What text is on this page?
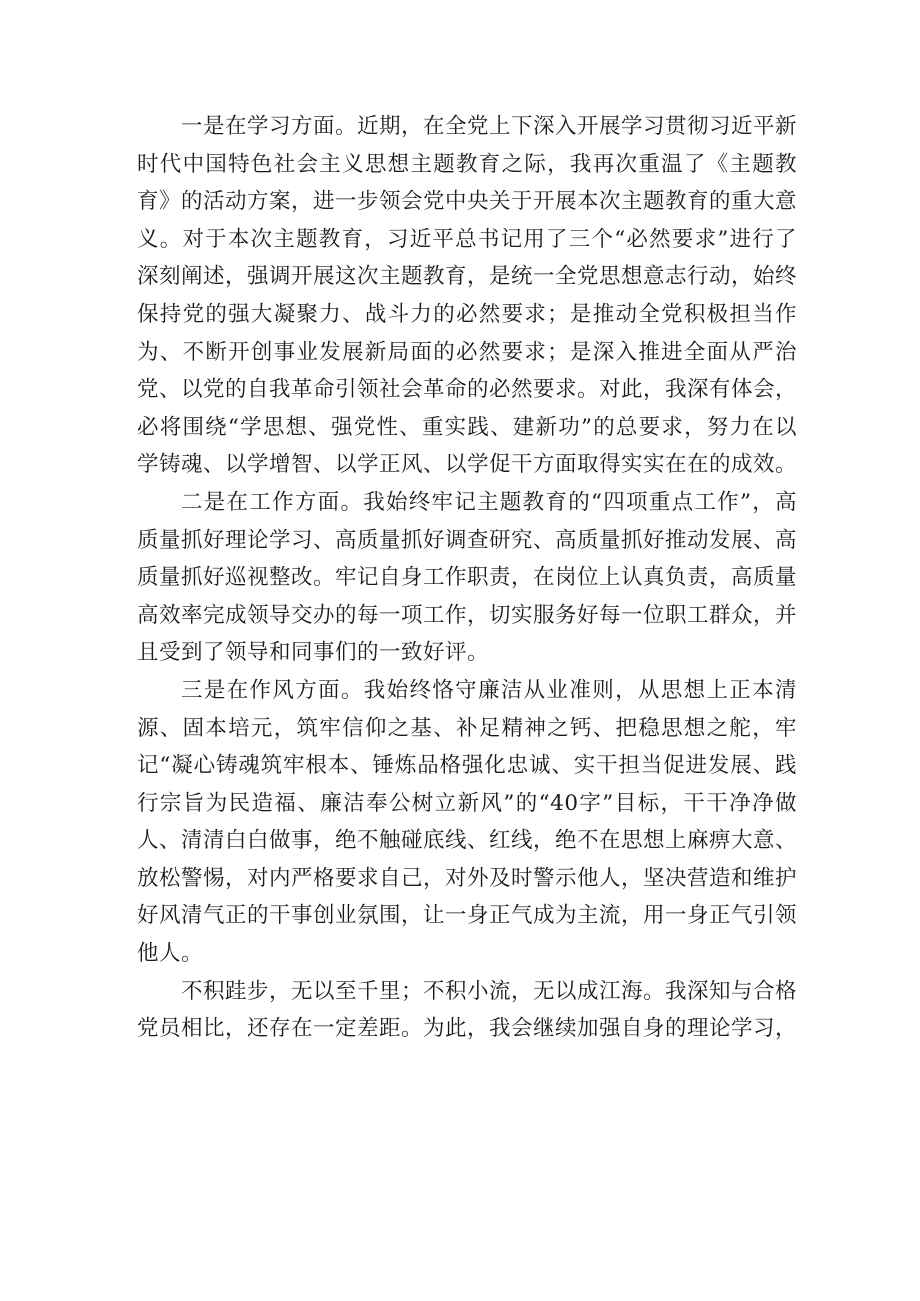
一是在学习方面。近期，在全党上下深入开展学习贯彻习近平新时代中国特色社会主义思想主题教育之际，我再次重温了《主题教育》的活动方案，进一步领会党中央关于开展本次主题教育的重大意义。对于本次主题教育，习近平总书记用了三个“必然要求”进行了深刻阐述，强调开展这次主题教育，是统一全党思想意志行动，始终保持党的强大凝聚力、战斗力的必然要求；是推动全党积极担当作为、不断开创事业发展新局面的必然要求；是深入推进全面从严治党、以党的自我革命引领社会革命的必然要求。对此，我深有体会，必将围绕“学思想、强党性、重实践、建新功”的总要求，努力在以学铸魂、以学增智、以学正风、以学促干方面取得实实在在的成效。

二是在工作方面。我始终牢记主题教育的“四项重点工作”，高质量抓好理论学习、高质量抓好调查研究、高质量抓好推动发展、高质量抓好巡视整改。牢记自身工作职责，在岗位上认真负责，高质量高效率完成领导交办的每一项工作，切实服务好每一位职工群众，并且受到了领导和同事们的一致好评。

三是在作风方面。我始终恪守廉洁从业准则，从思想上正本清源、固本培元，筑牢信仰之基、补足精神之钙、把稳思想之舵，牢记“凝心铸魂筑牢根本、锤炼品格强化忠诚、实干担当促进发展、践行宗旨为民造福、廉洁奉公树立新风”的“40字”目标，干干净净做人、清清白白做事，绝不触碰底线、红线，绝不在思想上麻痹大意、放松警惕，对内严格要求自己，对外及时警示他人，坚决营造和维护好风清气正的干事创业氛围，让一身正气成为主流，用一身正气引领他人。

不积跬步，无以至千里；不积小流，无以成江海。我深知与合格党员相比，还存在一定差距。为此，我会继续加强自身的理论学习，
